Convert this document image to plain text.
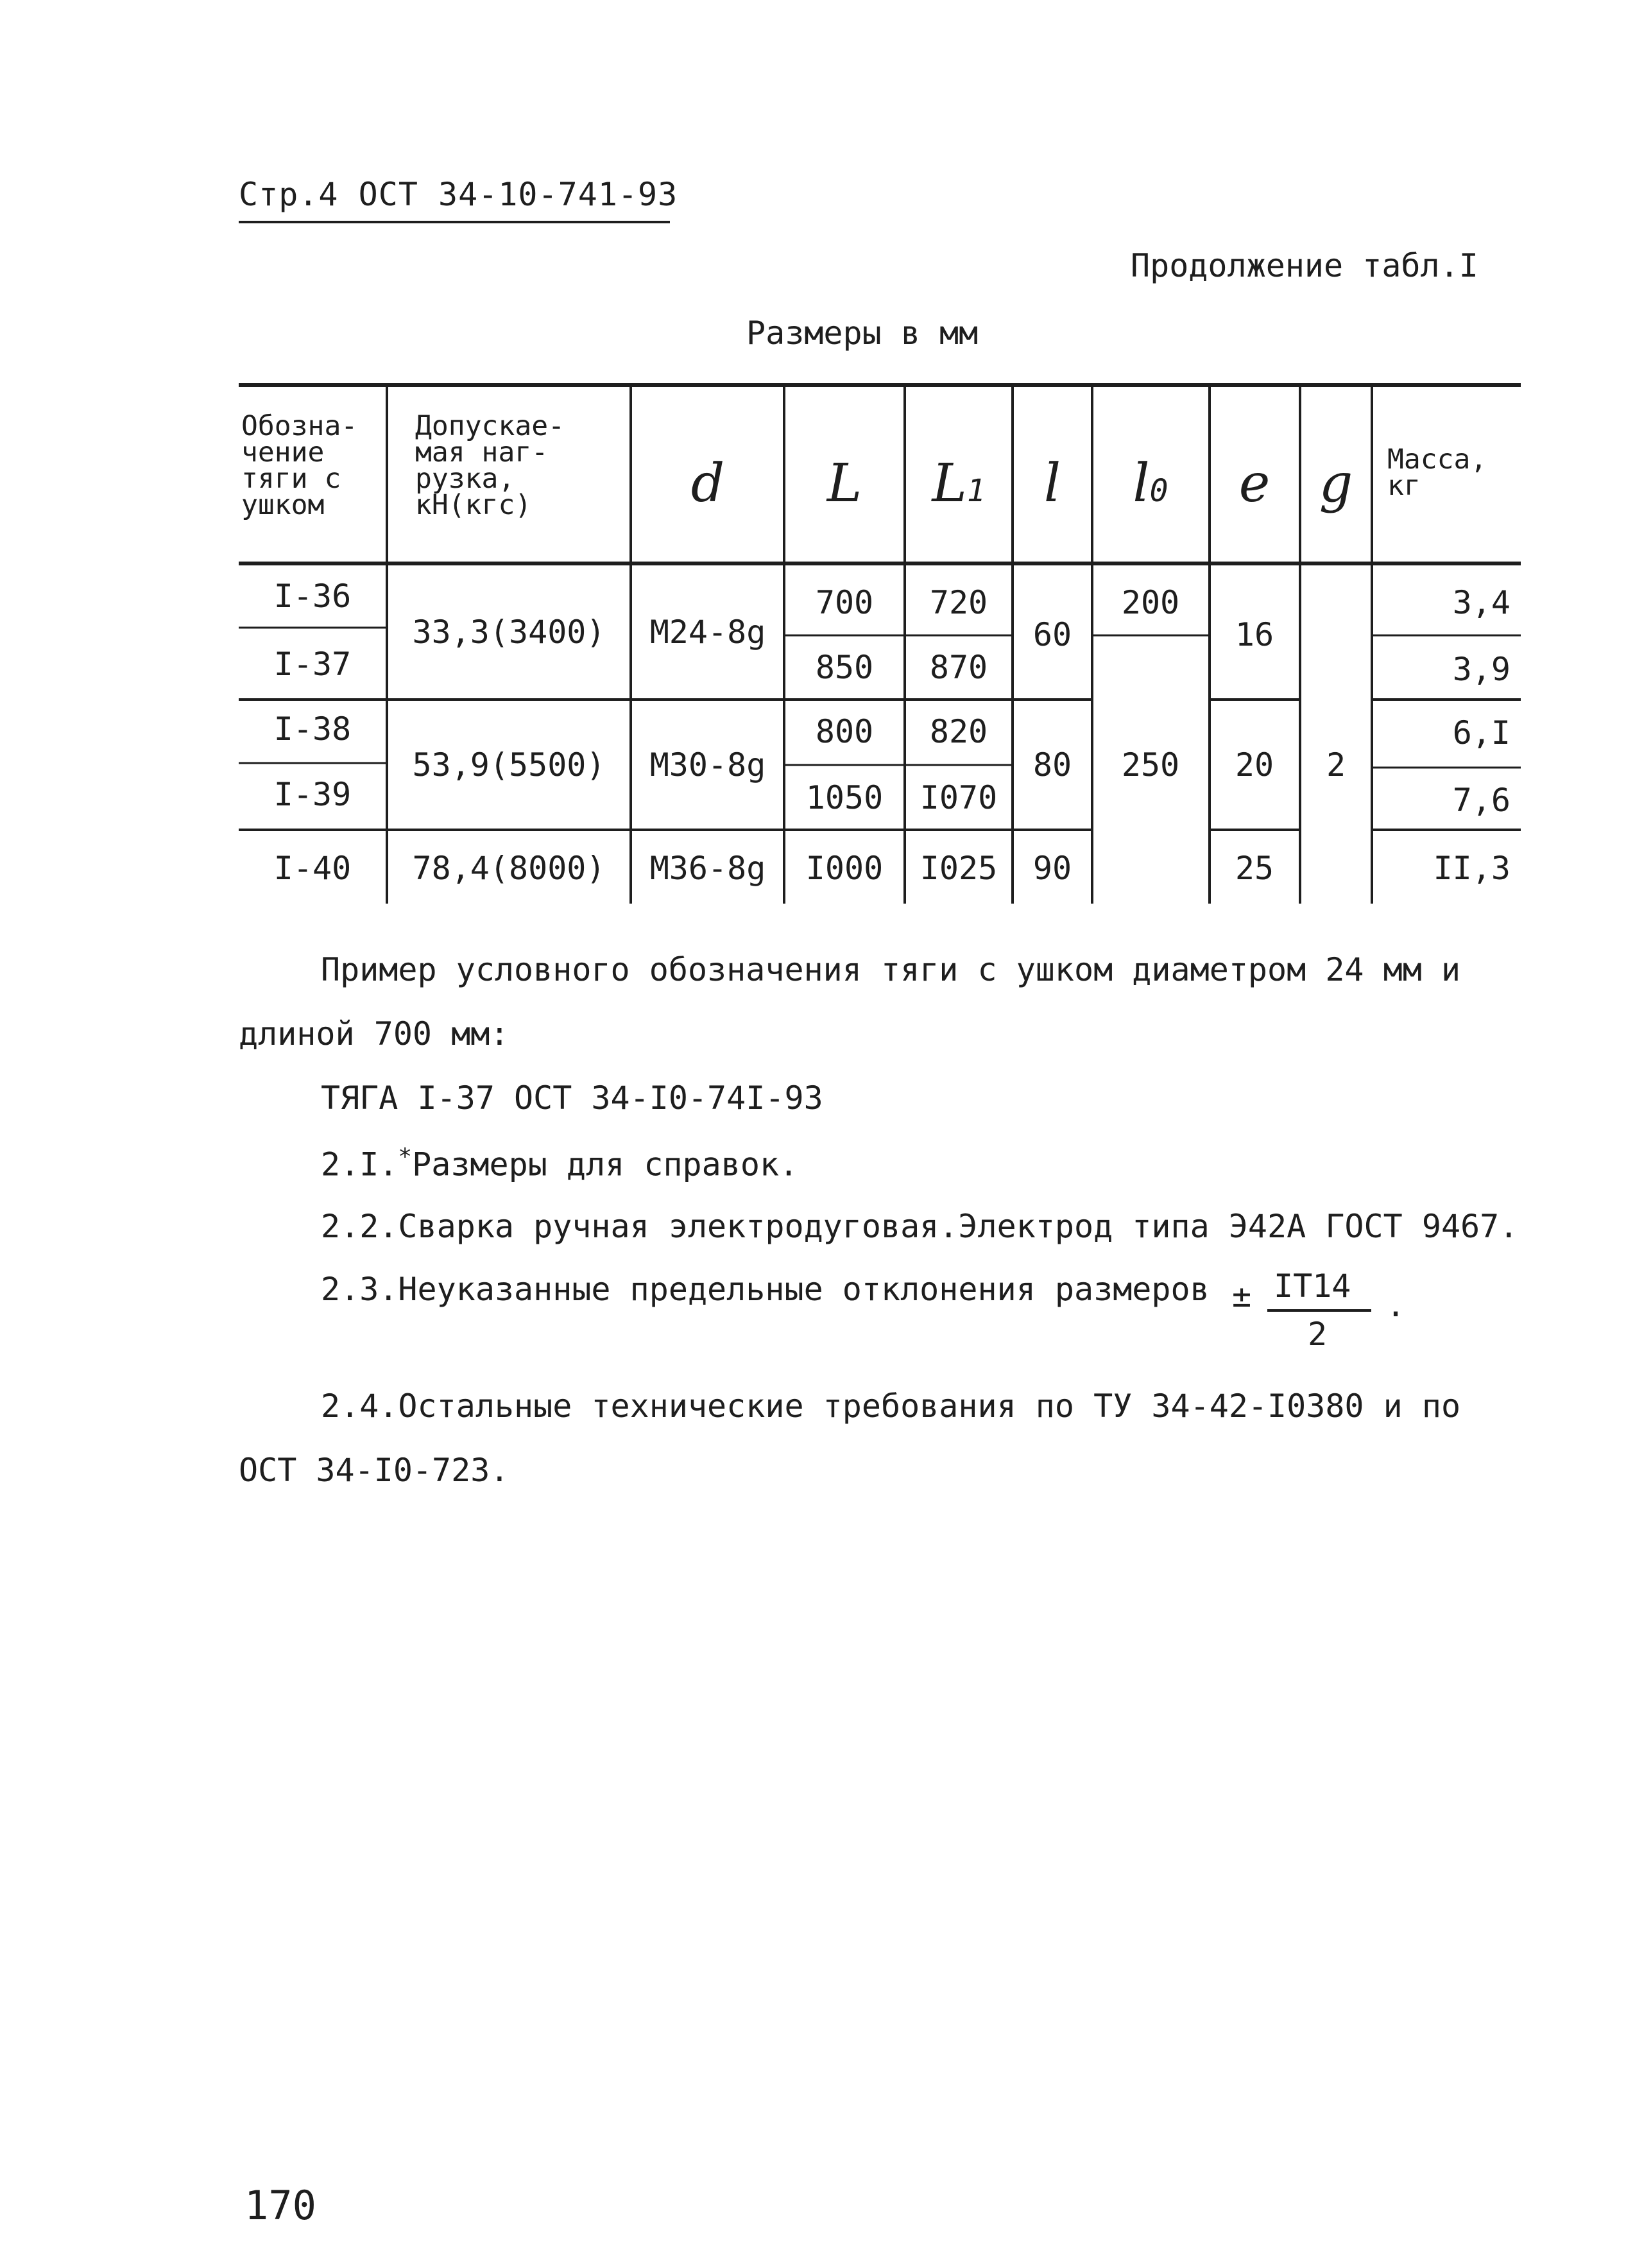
Стр.4 ОСТ 34-10-741-93
Продолжение табл.I
Размеры в мм
Обозна-
чение
тяги с
ушком
Допускае-
мая наг-
рузка,
кН(кгс)	d L L1 l l0 e g Масса,
кг
I-36
I-37
I-38
I-39
I-40
33,3(3400)
53,9(5500)
78,4(8000)
M24-8g
M30-8g
M36-8g
700
850
800
1050
I000
720
870
820
I070
I025
60
80
90
200
250
16
20
25
2
3,4
3,9
6,I
7,6
II,3
Пример условного обозначения тяги с ушком диаметром 24 мм и
длиной 700 мм:
ТЯГА I-37 ОСТ 34-I0-74I-93
2.I.*Размеры для справок.
2.2.Сварка ручная электродуговая.Электрод типа Э42А ГОСТ 9467.
2.3.Неуказанные предельные отклонения размеров ± IT14
2
.
2.4.Остальные технические требования по ТУ 34-42-I0380 и по
ОСТ 34-I0-723.
170
